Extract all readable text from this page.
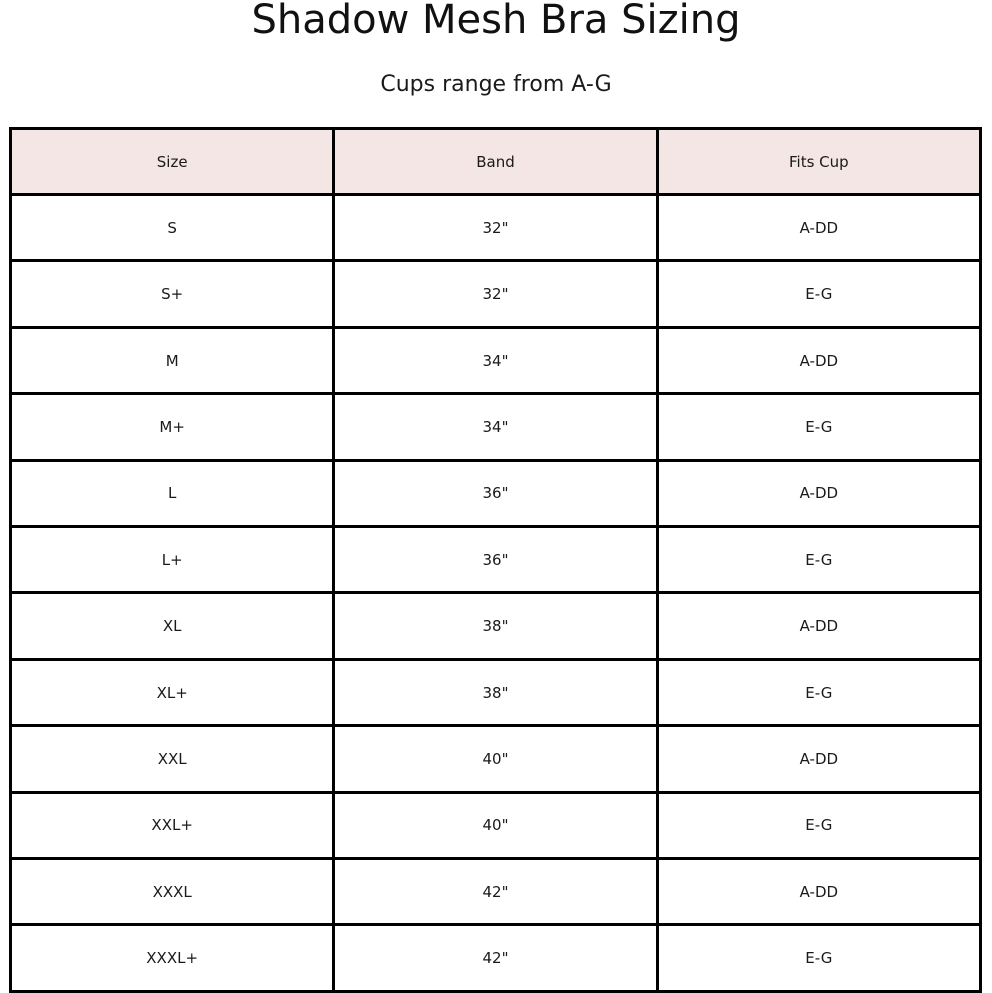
Shadow Mesh Bra Sizing
Cups range from A-G
Size	Band	Fits Cup
S	32"	A-DD
S+	32"	E-G
M	34"	A-DD
M+	34"	E-G
L	36"	A-DD
L+	36"	E-G
XL	38"	A-DD
XL+	38"	E-G
XXL	40"	A-DD
XXL+	40"	E-G
XXXL	42"	A-DD
XXXL+	42"	E-G
